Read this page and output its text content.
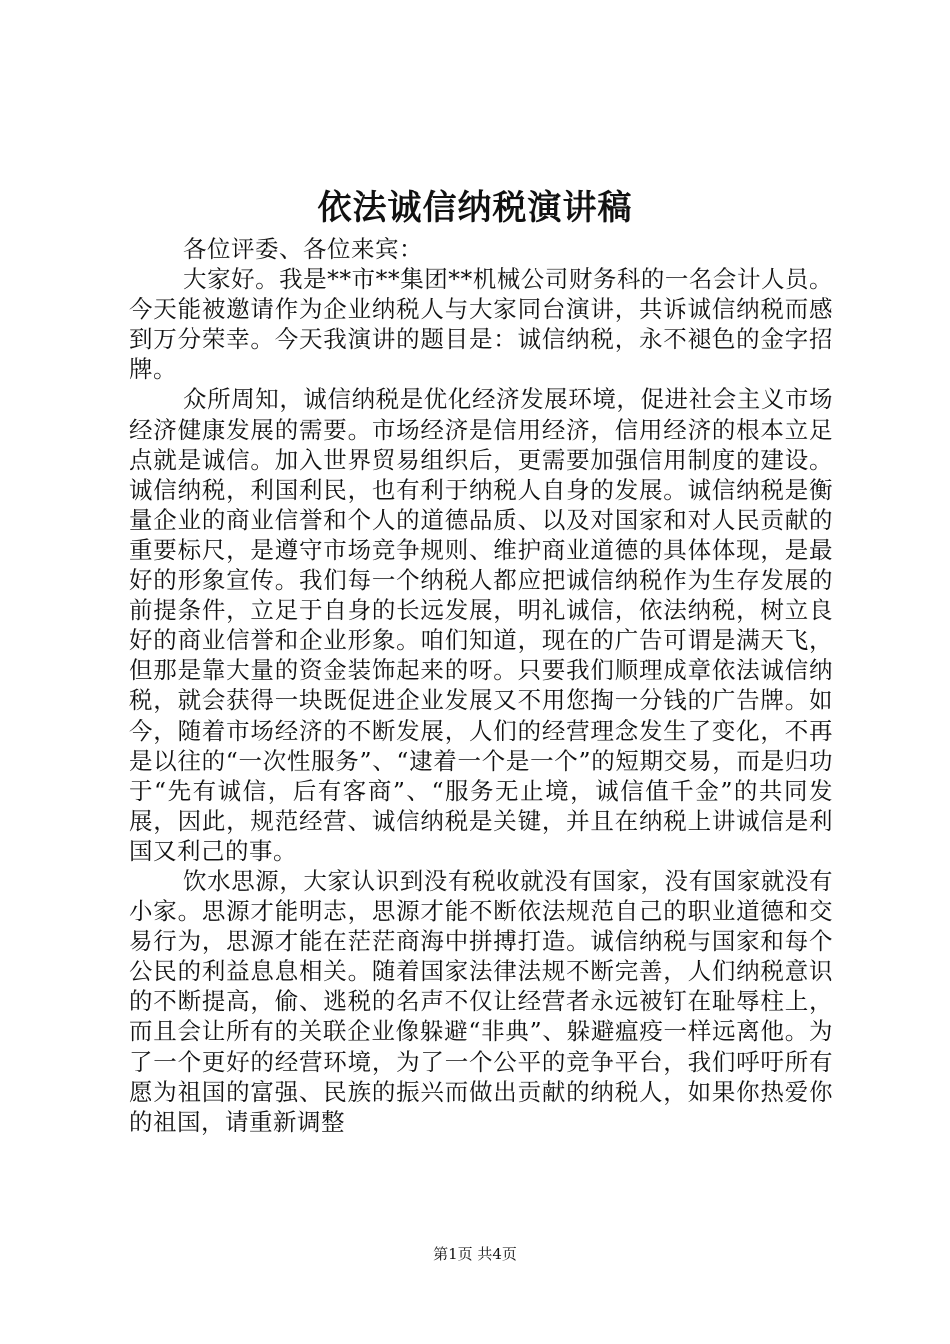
依法诚信纳税演讲稿

各位评委、各位来宾：

大家好。我是**市**集团**机械公司财务科的一名会计人员。今天能被邀请作为企业纳税人与大家同台演讲，共诉诚信纳税而感到万分荣幸。今天我演讲的题目是：诚信纳税，永不褪色的金字招牌。

众所周知，诚信纳税是优化经济发展环境，促进社会主义市场经济健康发展的需要。市场经济是信用经济，信用经济的根本立足点就是诚信。加入世界贸易组织后，更需要加强信用制度的建设。诚信纳税，利国利民，也有利于纳税人自身的发展。诚信纳税是衡量企业的商业信誉和个人的道德品质、以及对国家和对人民贡献的重要标尺，是遵守市场竞争规则、维护商业道德的具体体现，是最好的形象宣传。我们每一个纳税人都应把诚信纳税作为生存发展的前提条件，立足于自身的长远发展，明礼诚信，依法纳税，树立良好的商业信誉和企业形象。咱们知道，现在的广告可谓是满天飞，但那是靠大量的资金装饰起来的呀。只要我们顺理成章依法诚信纳税，就会获得一块既促进企业发展又不用您掏一分钱的广告牌。如今，随着市场经济的不断发展，人们的经营理念发生了变化，不再是以往的“一次性服务”、“逮着一个是一个”的短期交易，而是归功于“先有诚信，后有客商”、“服务无止境，诚信值千金”的共同发展，因此，规范经营、诚信纳税是关键，并且在纳税上讲诚信是利国又利己的事。

饮水思源，大家认识到没有税收就没有国家，没有国家就没有小家。思源才能明志，思源才能不断依法规范自己的职业道德和交易行为，思源才能在茫茫商海中拼搏打造。诚信纳税与国家和每个公民的利益息息相关。随着国家法律法规不断完善，人们纳税意识的不断提高，偷、逃税的名声不仅让经营者永远被钉在耻辱柱上，而且会让所有的关联企业像躲避“非典”、躲避瘟疫一样远离他。为了一个更好的经营环境，为了一个公平的竞争平台，我们呼吁所有愿为祖国的富强、民族的振兴而做出贡献的纳税人，如果你热爱你的祖国，请重新调整

第1页 共4页
